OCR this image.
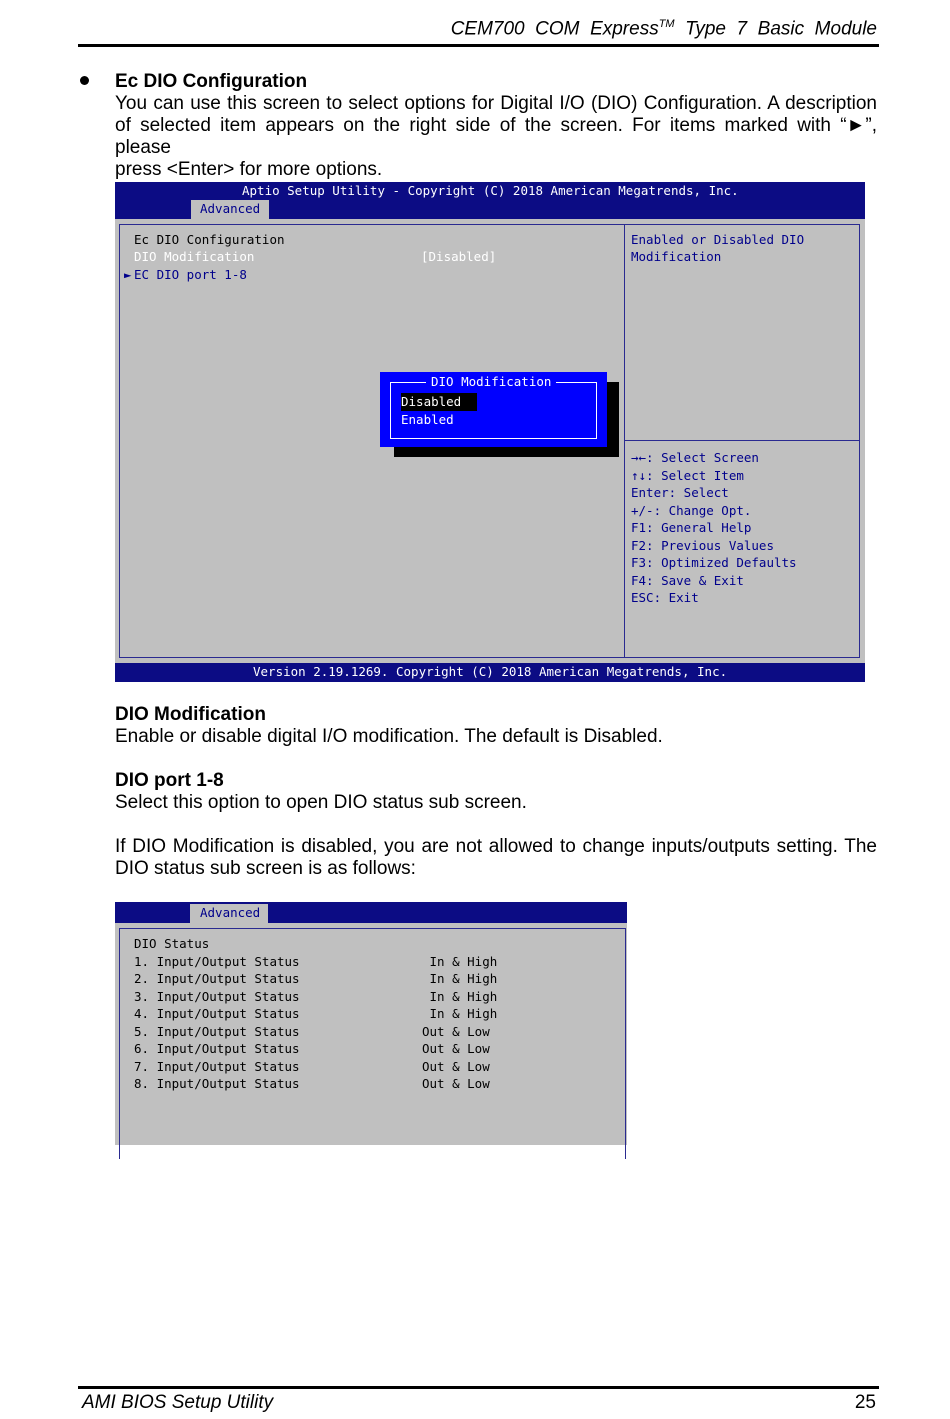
CEM700  COM  Express™  Type  7  Basic  Module
Ec DIO Configuration
You can use this screen to select options for Digital I/O (DIO) Configuration. A description
of selected item appears on the right side of the screen. For items marked with “►”, please
press <Enter> for more options.

Aptio Setup Utility - Copyright (C) 2018 American Megatrends, Inc.

Advanced

Ec DIO Configuration

DIO Modification

	[Disabled]

►

EC DIO port 1-8

Enabled or Disabled DIO

Modification

→←: Select Screen

↑↓: Select Item

Enter: Select

+/-: Change Opt.

F1: General Help

F2: Previous Values

F3: Optimized Defaults

F4: Save & Exit

ESC: Exit

DIO Modification

Disabled

Enabled

Version 2.19.1269. Copyright (C) 2018 American Megatrends, Inc.

DIO Modification
Enable or disable digital I/O modification. The default is Disabled.
DIO port 1-8
Select this option to open DIO status sub screen.
If DIO Modification is disabled, you are not allowed to change inputs/outputs setting. The
DIO status sub screen is as follows:

Advanced

DIO Status

1. Input/Output Status

	In & High

2. Input/Output Status

	In & High

3. Input/Output Status

	In & High

4. Input/Output Status

	In & High

5. Input/Output Status

	Out & Low

6. Input/Output Status

	Out & Low

7. Input/Output Status

	Out & Low

8. Input/Output Status

	Out & Low

AMI BIOS Setup Utility	25
